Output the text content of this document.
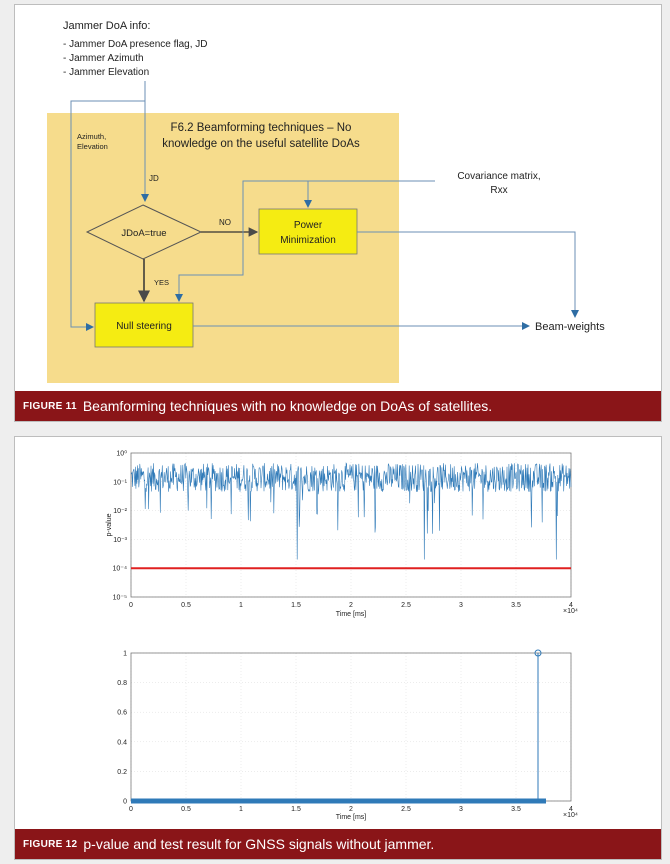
Jammer DoA info:
- Jammer DoA presence flag, JD
- Jammer Azimuth
- Jammer Elevation
F6.2 Beamforming techniques – No
knowledge on the useful satellite DoAs
Azimuth,
Elevation
JD
JDoA=true
NO
YES
Power
Minimization
Covariance matrix,
Rxx
Null steering	Beam-weights
FIGURE 11 Beamforming techniques with no knowledge on DoAs of satellites.
0	0.5	1	1.5	2	2.5	3	3.5	4
10⁰
10⁻¹
10⁻²
10⁻³
10⁻⁴
10⁻⁵
Time [ms]
p-value
×10⁴
0	0.5	1	1.5	2	2.5	3	3.5	4
1
0.8
0.6
0.4
0.2
0
Time [ms]	×10⁴
FIGURE 12 p-value and test result for GNSS signals without jammer.
